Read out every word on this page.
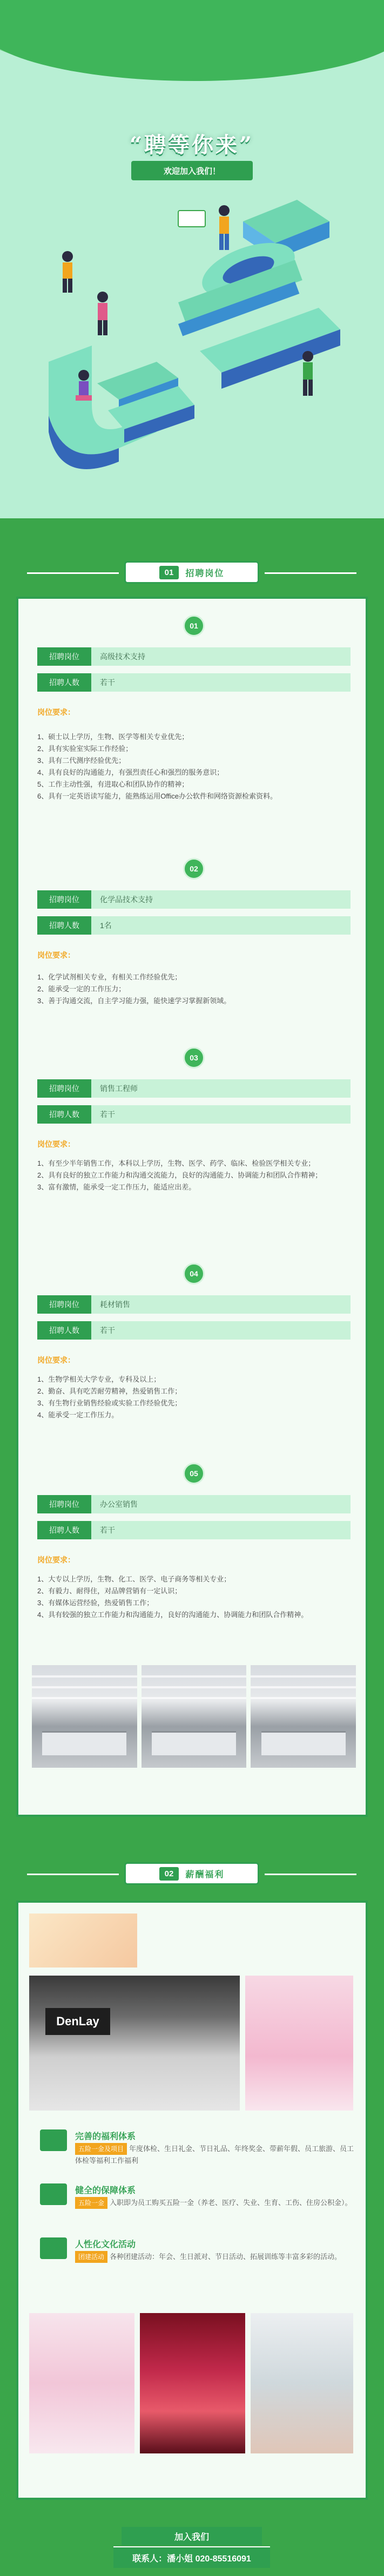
“聘等你来”
欢迎加入我们！
01	招聘岗位
01
招聘岗位	高级技术支持
招聘人数	若干
岗位要求：
1、硕士以上学历，生物、医学等相关专业优先；
2、具有实验室实际工作经验；
3、具有二代测序经验优先；
4、具有良好的沟通能力，有强烈责任心和强烈的服务意识；
5、工作主动性强，有进取心和团队协作的精神；
6、具有一定英语读写能力，能熟练运用Office办公软件和网络资源检索资料。
02
招聘岗位	化学品技术支持
招聘人数	1名
岗位要求：
1、化学试剂相关专业，有相关工作经验优先；
2、能承受一定的工作压力；
3、善于沟通交流，自主学习能力强，能快速学习掌握新领域。
03
招聘岗位	销售工程师
招聘人数	若干
岗位要求：
1、有至少半年销售工作，本科以上学历，生物、医学、药学、临床、检验医学相关专业；
2、具有良好的独立工作能力和沟通交流能力，良好的沟通能力、协调能力和团队合作精神；
3、富有激情，能承受一定工作压力，能适应出差。
04
招聘岗位	耗材销售
招聘人数	若干
岗位要求：
1、生物学相关大学专业，专科及以上；
2、勤奋、具有吃苦耐劳精神，热爱销售工作；
3、有生物行业销售经验或实验工作经验优先；
4、能承受一定工作压力。
05
招聘岗位	办公室销售
招聘人数	若干
岗位要求：
1、大专以上学历，生物、化工、医学、电子商务等相关专业；
2、有毅力、耐得住，对品牌营销有一定认识；
3、有媒体运营经验，热爱销售工作；
4、具有较强的独立工作能力和沟通能力，良好的沟通能力、协调能力和团队合作精神。
02	薪酬福利
DenLay
完善的福利体系
五险一金及项目 年度体检、生日礼金、节日礼品、年终奖金、带薪年假、员工旅游、员工体检等福利工作福利
健全的保障体系
五险一金 入职即为员工购买五险一金（养老、医疗、失业、生育、工伤、住房公积金）。
人性化文化活动
团建活动 各种团建活动：年会、生日派对、节日活动、拓展训练等丰富多彩的活动。
加入我们
联系人：潘小姐 020-85516091
